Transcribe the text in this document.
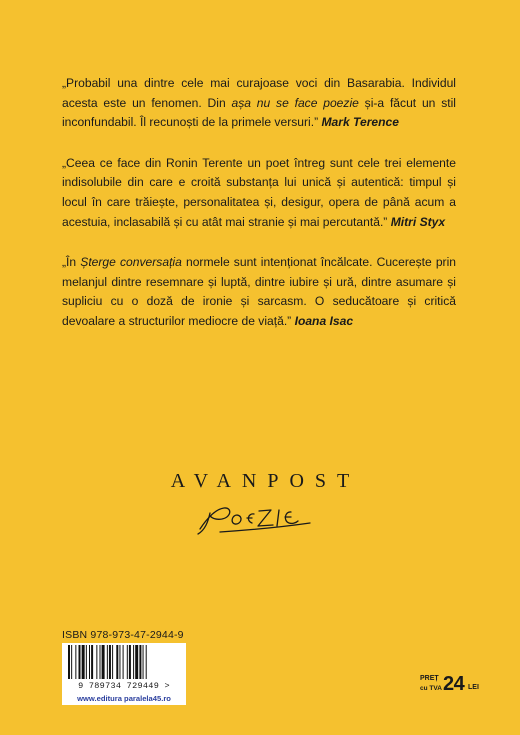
„Probabil una dintre cele mai curajoase voci din Basarabia. Individul acesta este un fenomen. Din așa nu se face poezie și-a făcut un stil inconfundabil. Îl recunoști de la primele versuri.” Mark Terence

„Ceea ce face din Ronin Terente un poet întreg sunt cele trei elemente indisolubile din care e croită substanța lui unică și autentică: timpul și locul în care trăiește, personalitatea și, desigur, opera de până acum a acestuia, inclasabilă și cu atât mai stranie și mai percutantă.” Mitri Styx

„În Șterge conversația normele sunt intenționat încălcate. Cucerește prin melanjul dintre resemnare și luptă, dintre iubire și ură, dintre asumare și supliciu cu o doză de ironie și sarcasm. O seducătoare și critică devoalare a structurilor mediocre de viață.” Ioana Isac

AVANPOST
ISBN 978-973-47-2944-9
9 789734 729449 >
www.editura paralela45.ro
PREȚ
cu TVA 24 LEI
